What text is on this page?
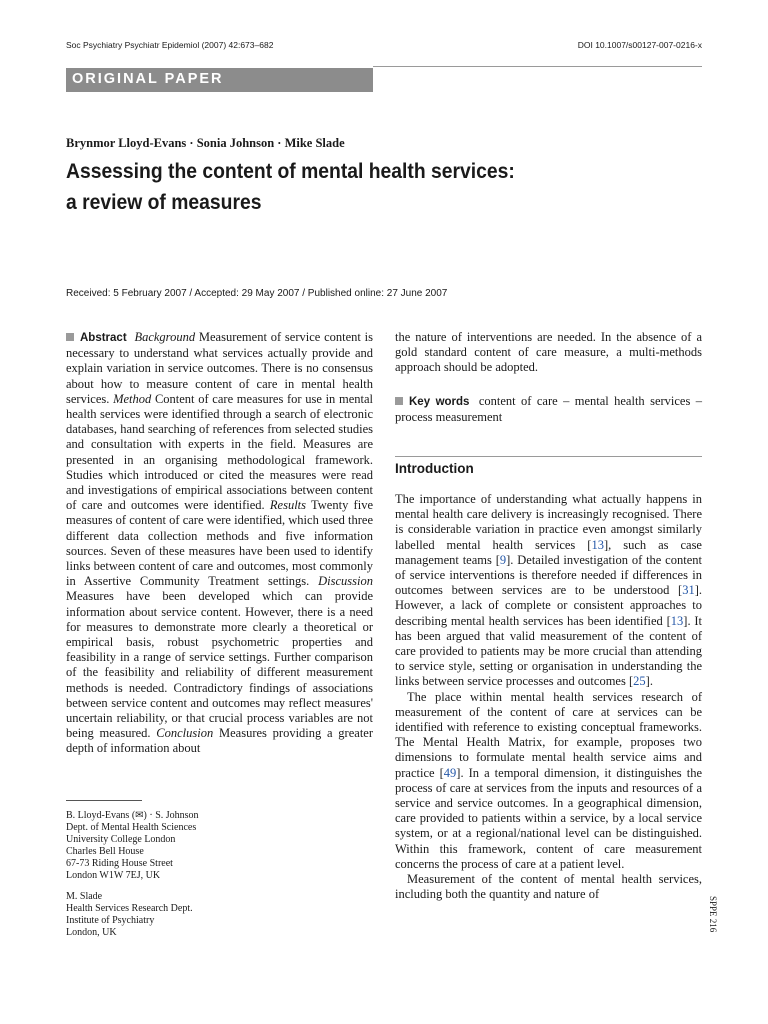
Soc Psychiatry Psychiatr Epidemiol (2007) 42:673–682	DOI 10.1007/s00127-007-0216-x
ORIGINAL PAPER
Brynmor Lloyd-Evans · Sonia Johnson · Mike Slade
Assessing the content of mental health services:
a review of measures
Received: 5 February 2007 / Accepted: 29 May 2007 / Published online: 27 June 2007

Abstract Background Measurement of service content is necessary to understand what services actually provide and explain variation in service outcomes. There is no consensus about how to measure content of care in mental health services. Method Content of care measures for use in mental health services were identified through a search of electronic databases, hand searching of references from selected studies and consultation with experts in the field. Measures are presented in an organising methodological framework. Studies which introduced or cited the measures were read and investigations of empirical associations between content of care and outcomes were identified. Results Twenty five measures of content of care were identified, which used three different data collection methods and five information sources. Seven of these measures have been used to identify links between content of care and outcomes, most commonly in Assertive Community Treatment settings. Discussion Measures have been developed which can provide information about service content. However, there is a need for measures to demonstrate more clearly a theoretical or empirical basis, robust psychometric properties and feasibility in a range of service settings. Further comparison of the feasibility and reliability of different measurement methods is needed. Contradictory findings of associations between service content and outcomes may reflect measures' uncertain reliability, or that crucial process variables are not being measured. Conclusion Measures providing a greater depth of information about

B. Lloyd-Evans (✉) · S. Johnson
Dept. of Mental Health Sciences
University College London
Charles Bell House
67-73 Riding House Street
London W1W 7EJ, UK
M. Slade
Health Services Research Dept.
Institute of Psychiatry
London, UK

the nature of interventions are needed. In the absence of a gold standard content of care measure, a multi-methods approach should be adopted.

Key words content of care – mental health services – process measurement

Introduction

The importance of understanding what actually happens in mental health care delivery is increasingly recognised. There is considerable variation in practice even amongst similarly labelled mental health services [13], such as case management teams [9]. Detailed investigation of the content of service interventions is therefore needed if differences in outcomes between services are to be understood [31]. However, a lack of complete or consistent approaches to describing mental health services has been identified [13]. It has been argued that valid measurement of the content of care provided to patients may be more crucial than attending to service style, setting or organisation in understanding the links between service processes and outcomes [25].

The place within mental health services research of measurement of the content of care at services can be identified with reference to existing conceptual frameworks. The Mental Health Matrix, for example, proposes two dimensions to formulate mental health service aims and practice [49]. In a temporal dimension, it distinguishes the process of care at services from the inputs and resources of a service and service outcomes. In a geographical dimension, care provided to patients within a service, by a local service system, or at a regional/national level can be distinguished. Within this framework, content of care measurement concerns the process of care at a patient level.

Measurement of the content of mental health services, including both the quantity and nature of

SPPE 216
